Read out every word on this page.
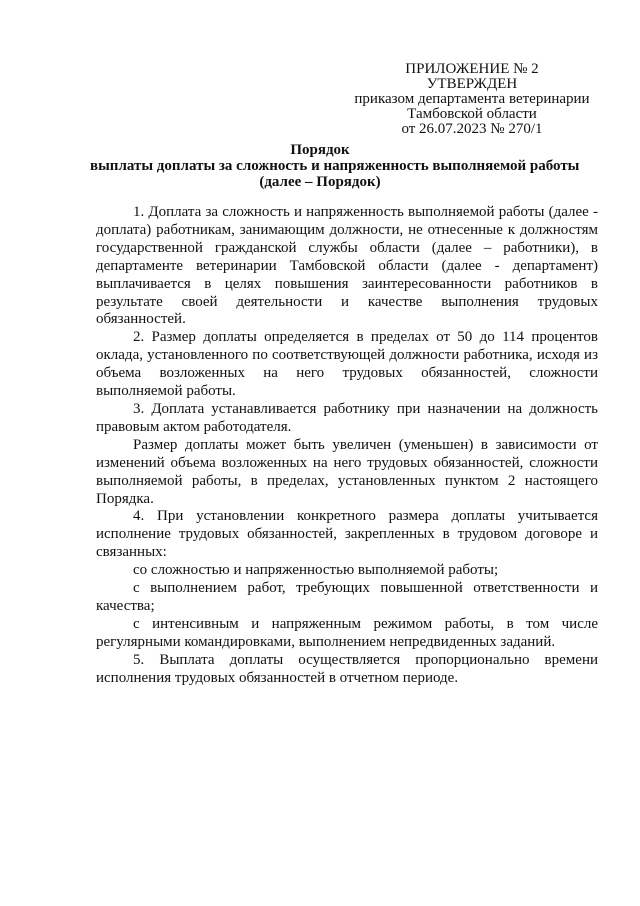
ПРИЛОЖЕНИЕ № 2
УТВЕРЖДЕН
приказом департамента ветеринарии
Тамбовской области
от 26.07.2023 № 270/1
Порядок
выплаты доплаты за сложность и напряженность выполняемой работы
(далее – Порядок)

1. Доплата за сложность и напряженность выполняемой работы (далее - доплата) работникам, занимающим должности, не отнесенные к должностям государственной гражданской службы области (далее – работники), в департаменте ветеринарии Тамбовской области (далее - департамент) выплачивается в целях повышения заинтересованности работников в результате своей деятельности и качестве выполнения трудовых обязанностей.

2. Размер доплаты определяется в пределах от 50 до 114 процентов оклада, установленного по соответствующей должности работника, исходя из объема возложенных на него трудовых обязанностей, сложности выполняемой работы.

3. Доплата устанавливается работнику при назначении на должность правовым актом работодателя.

Размер доплаты может быть увеличен (уменьшен) в зависимости от изменений объема возложенных на него трудовых обязанностей, сложности выполняемой работы, в пределах, установленных пунктом 2 настоящего Порядка.

4. При установлении конкретного размера доплаты учитывается исполнение трудовых обязанностей, закрепленных в трудовом договоре и связанных:

со сложностью и напряженностью выполняемой работы;

с выполнением работ, требующих повышенной ответственности и качества;

с интенсивным и напряженным режимом работы, в том числе регулярными командировками, выполнением непредвиденных заданий.

5. Выплата доплаты осуществляется пропорционально времени исполнения трудовых обязанностей в отчетном периоде.
